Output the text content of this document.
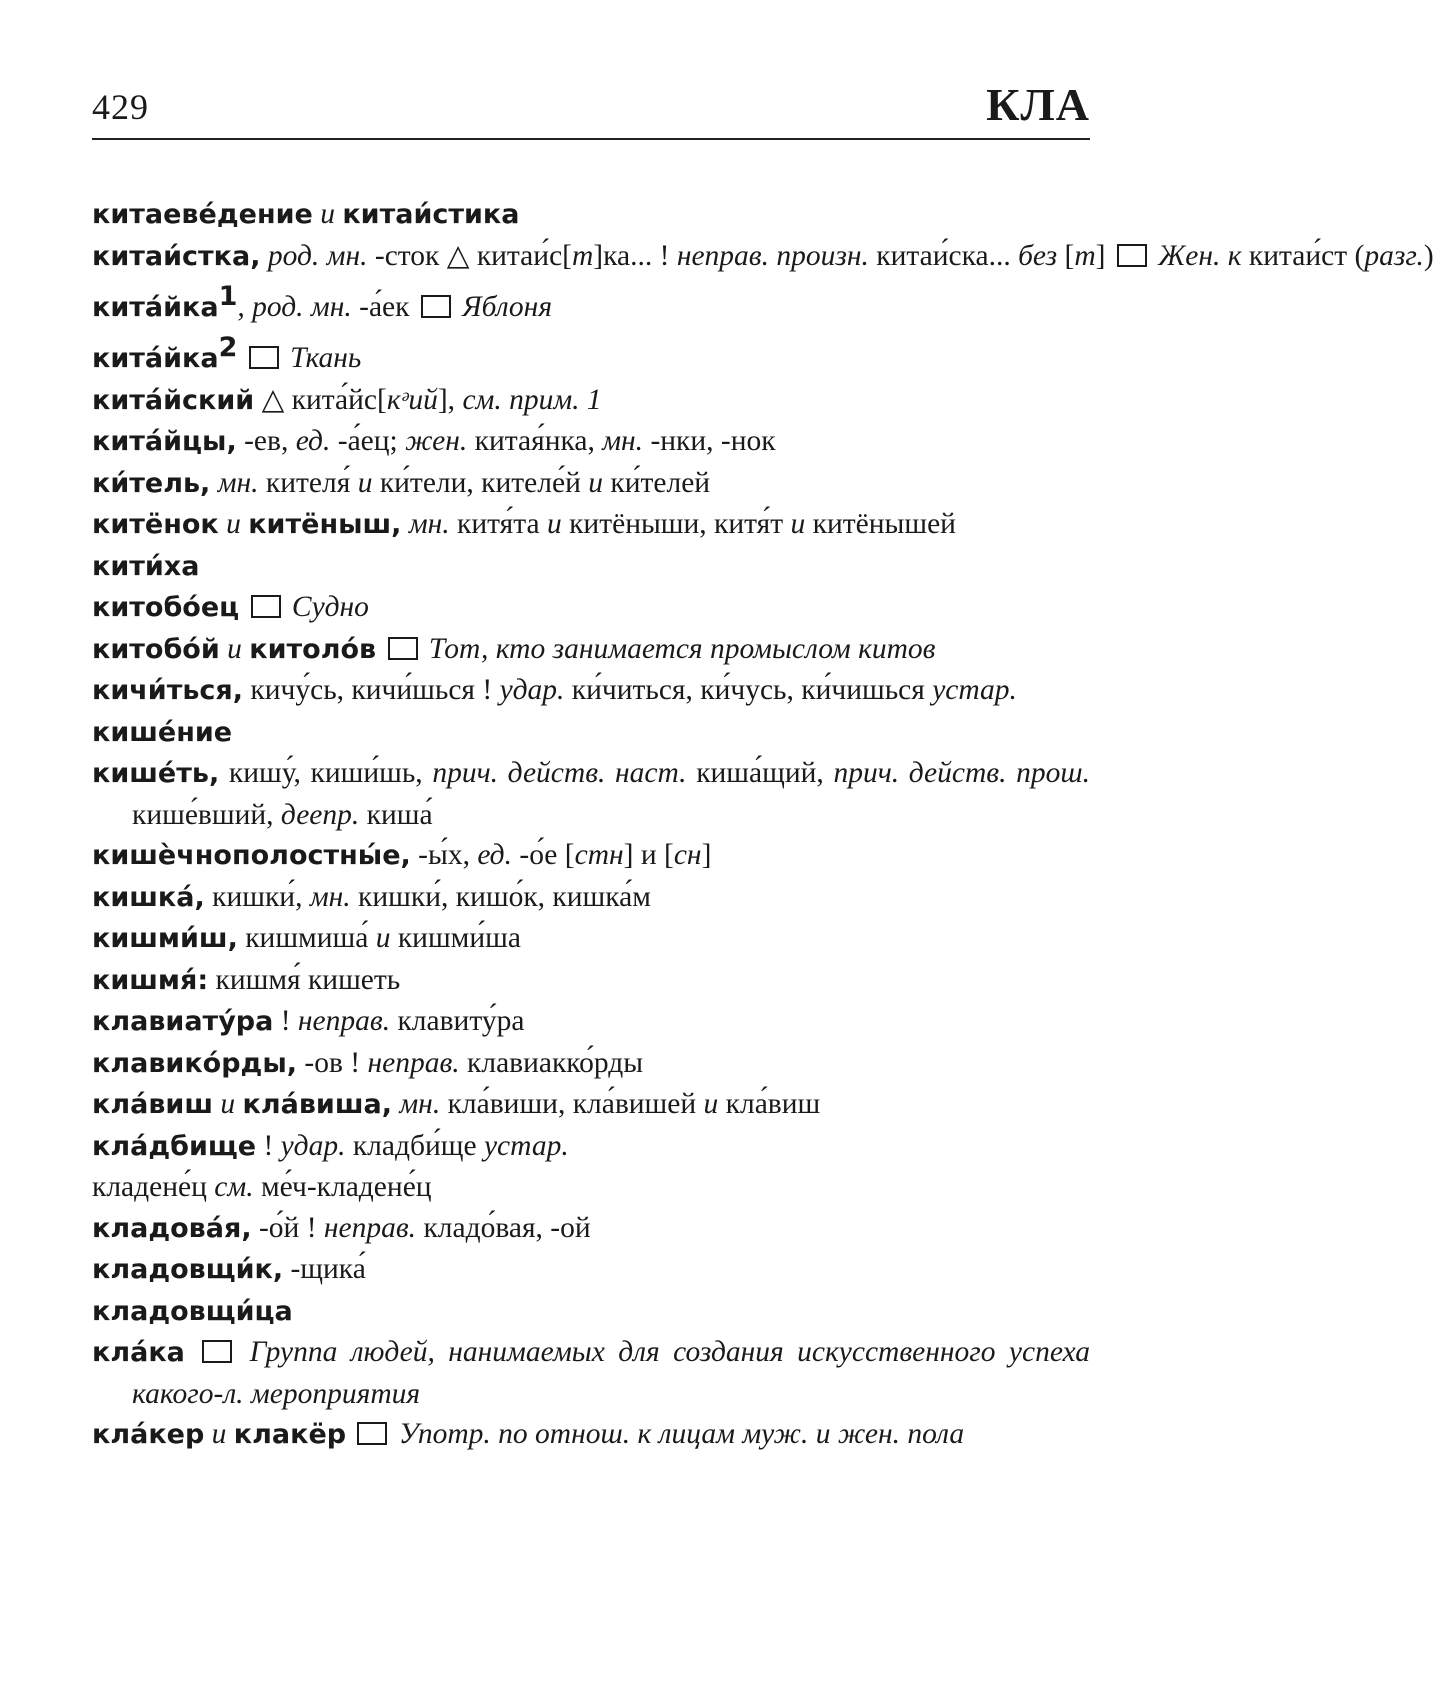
429	КЛА
китаеве́дение и китаи́стика
китаи́стка, род. мн. -сток △ китаи́с[т]ка... ! неправ. произн. китаи́ска... без [т]  Жен. к китаи́ст (разг.)
кита́йка$^1$, род. мн. -а́ек  Яблоня
кита́йка$^2$  Ткань
кита́йский △ кита́йс[кᵊий], см. прим. 1
кита́йцы, -ев, ед. -а́ец; жен. китая́нка, мн. -нки, -нок
ки́тель, мн. кителя́ и ки́тели, кителе́й и ки́телей
китёнок и китёныш, мн. китя́та и китёныши, китя́т и китёнышей
кити́ха
китобо́ец  Судно
китобо́й и китоло́в  Тот, кто занимается промыслом китов
кичи́ться, кичу́сь, кичи́шься ! удар. ки́читься, ки́чусь, ки́чишься устар.
кише́ние
кише́ть, кишу́, киши́шь, прич. действ. наст. киша́щий, прич. действ. прош. кише́вший, деепр. киша́
кишѐчнополостны́е, -ы́х, ед. -о́е [стн] и [сн]
кишка́, кишки́, мн. кишки́, кишо́к, кишка́м
кишми́ш, кишмиша́ и кишми́ша
кишмя́: кишмя́ кишеть
клавиату́ра ! неправ. клавиту́ра
клавико́рды, -ов ! неправ. клавиакко́рды
кла́виш и кла́виша, мн. кла́виши, кла́вишей и кла́виш
кла́дбище ! удар. кладби́ще устар.
кладене́ц см. ме́ч-кладене́ц
кладова́я, -о́й ! неправ. кладо́вая, -ой
кладовщи́к, -щика́
кладовщи́ца
кла́ка  Группа людей, нанимаемых для создания искусственного успеха какого-л. мероприятия
кла́кер и клакёр  Употр. по отнош. к лицам муж. и жен. пола
